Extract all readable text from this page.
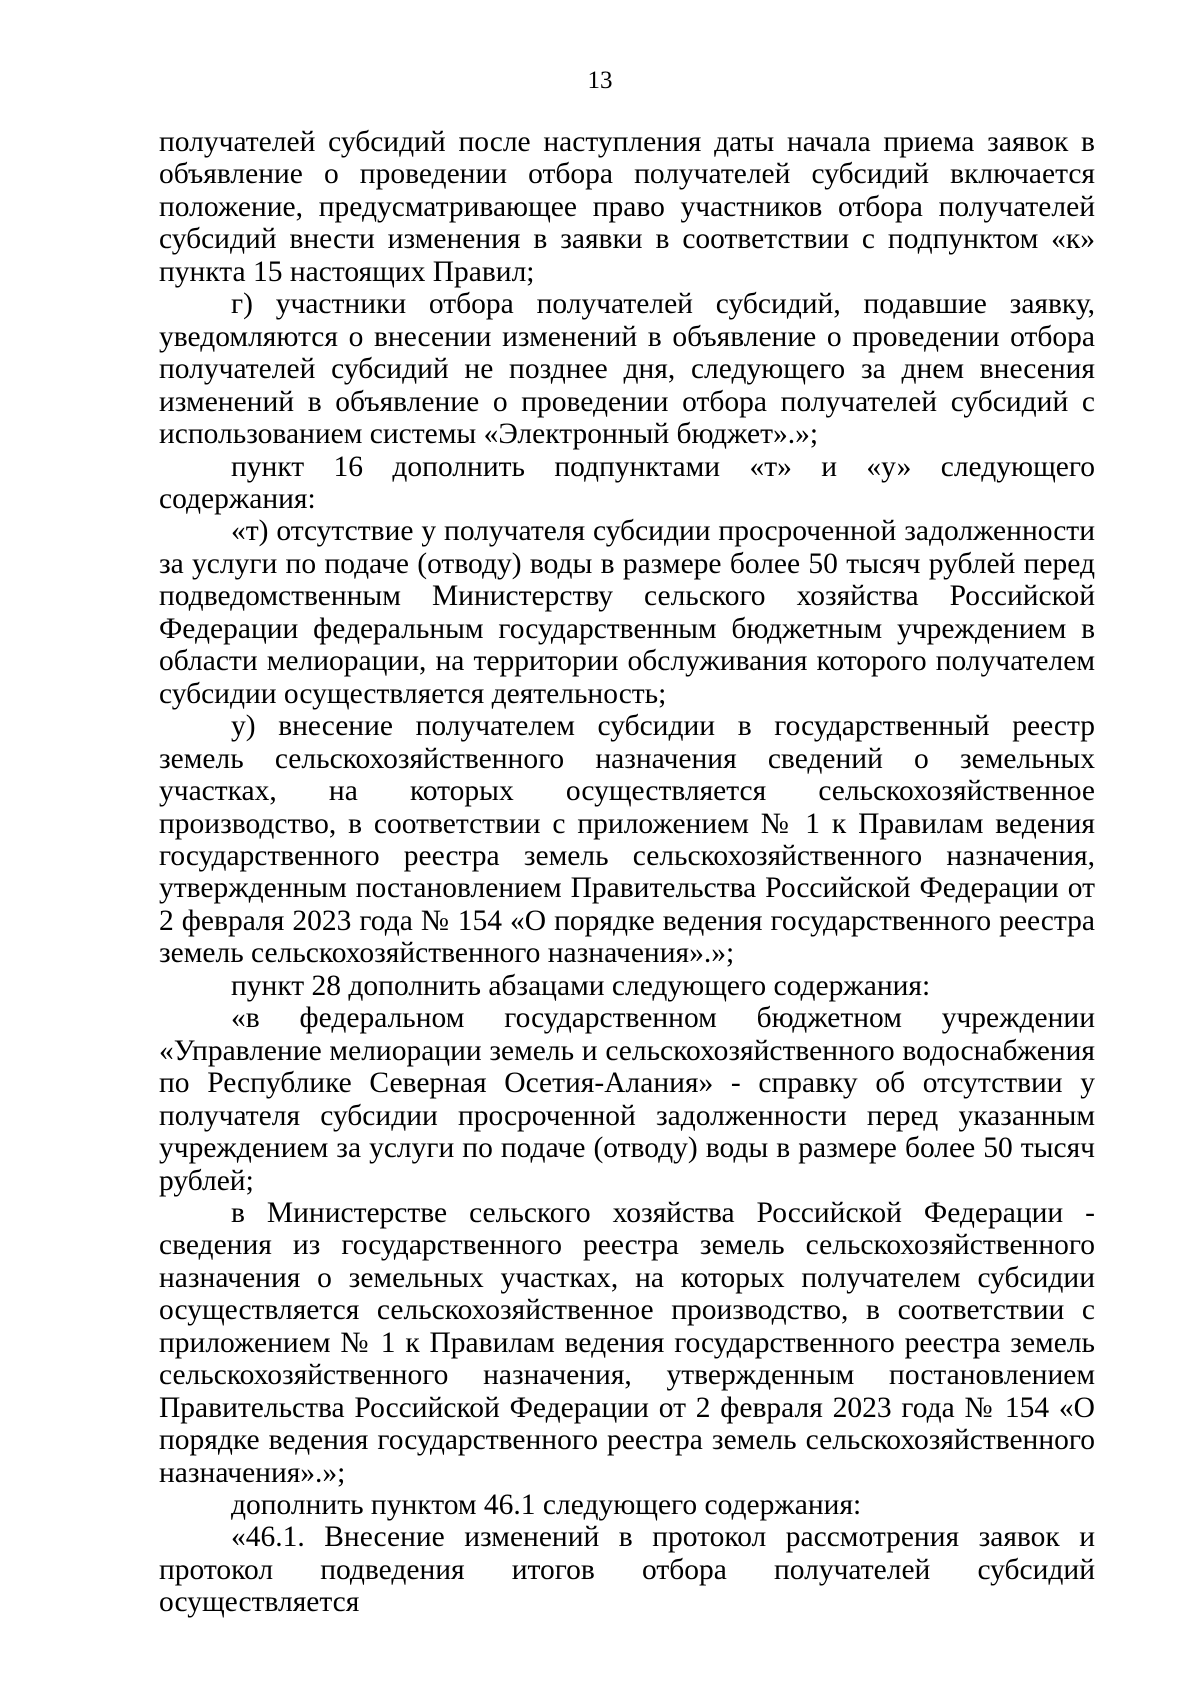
13

получателей субсидий после наступления даты начала приема заявок в объявление о проведении отбора получателей субсидий включается положение, предусматривающее право участников отбора получателей субсидий внести изменения в заявки в соответствии с подпунктом «к» пункта 15 настоящих Правил;

г) участники отбора получателей субсидий, подавшие заявку, уведомляются о внесении изменений в объявление о проведении отбора получателей субсидий не позднее дня, следующего за днем внесения изменений в объявление о проведении отбора получателей субсидий с использованием системы «Электронный бюджет».»;

пункт 16 дополнить подпунктами «т» и «у» следующего содержания:

«т) отсутствие у получателя субсидии просроченной задолженности за услуги по подаче (отводу) воды в размере более 50 тысяч рублей перед подведомственным Министерству сельского хозяйства Российской Федерации федеральным государственным бюджетным учреждением в области мелиорации, на территории обслуживания которого получателем субсидии осуществляется деятельность;

у) внесение получателем субсидии в государственный реестр земель сельскохозяйственного назначения сведений о земельных участках, на которых осуществляется сельскохозяйственное производство, в соответствии с приложением № 1 к Правилам ведения государственного реестра земель сельскохозяйственного назначения, утвержденным постановлением Правительства Российской Федерации от 2 февраля 2023 года № 154 «О порядке ведения государственного реестра земель сельскохозяйственного назначения».»;

пункт 28 дополнить абзацами следующего содержания:

«в федеральном государственном бюджетном учреждении «Управление мелиорации земель и сельскохозяйственного водоснабжения по Республике Северная Осетия-Алания» - справку об отсутствии у получателя субсидии просроченной задолженности перед указанным учреждением за услуги по подаче (отводу) воды в размере более 50 тысяч рублей;

в Министерстве сельского хозяйства Российской Федерации - сведения из государственного реестра земель сельскохозяйственного назначения о земельных участках, на которых получателем субсидии осуществляется сельскохозяйственное производство, в соответствии с приложением № 1 к Правилам ведения государственного реестра земель сельскохозяйственного назначения, утвержденным постановлением Правительства Российской Федерации от 2 февраля 2023 года № 154 «О порядке ведения государственного реестра земель сельскохозяйственного назначения».»;

дополнить пунктом 46.1 следующего содержания:

«46.1. Внесение изменений в протокол рассмотрения заявок и протокол подведения итогов отбора получателей субсидий осуществляется
